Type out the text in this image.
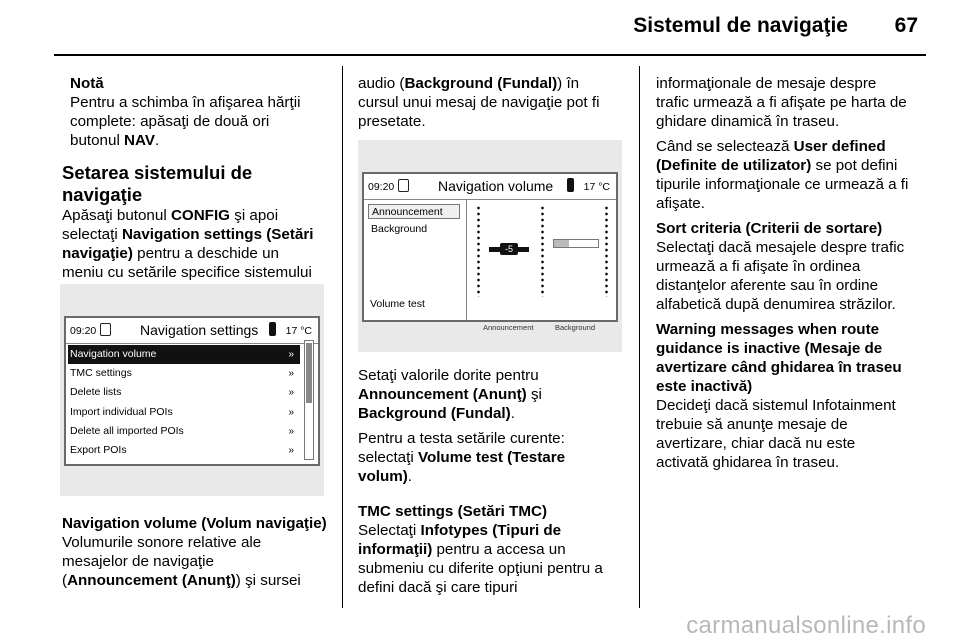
Sistemul de navigaţie 67
Notă
Pentru a schimba în afişarea hărţii
complete: apăsaţi de două ori
butonul NAV.
Setarea sistemului de navigaţie
Apăsaţi butonul CONFIG şi apoi
selectaţi Navigation settings (Setări
navigaţie) pentru a deschide un
meniu cu setările specifice sistemului
09:20	Navigation settings	17 °C
Navigation volume	»
TMC settings	»
Delete lists	»
Import individual POIs	»
Delete all imported POIs	»
Export POIs	»
Navigation volume (Volum navigaţie)
Volumurile sonore relative ale
mesajelor de navigaţie
(Announcement (Anunţ)) şi sursei
audio (Background (Fundal)) în
cursul unui mesaj de navigaţie pot fi
presetate.
09:20	Navigation volume	17 °C
Announcement
Background
Volume test
-5
Announcement	Background

Setaţi valorile dorite pentru
Announcement (Anunţ) şi
Background (Fundal).

Pentru a testa setările curente:
selectaţi Volume test (Testare
volum).

TMC settings (Setări TMC)
Selectaţi Infotypes (Tipuri de
informaţii) pentru a accesa un
submeniu cu diferite opţiuni pentru a
defini dacă şi care tipuri

informaţionale de mesaje despre
trafic urmează a fi afişate pe harta de
ghidare dinamică în traseu.

Când se selectează User defined
(Definite de utilizator) se pot defini
tipurile informaţionale ce urmează a fi
afişate.

Sort criteria (Criterii de sortare)
Selectaţi dacă mesajele despre trafic
urmează a fi afişate în ordinea
distanţelor aferente sau în ordine
alfabetică după denumirea străzilor.

Warning messages when route
guidance is inactive (Mesaje de
avertizare când ghidarea în traseu
este inactivă)
Decideţi dacă sistemul Infotainment
trebuie să anunţe mesaje de
avertizare, chiar dacă nu este
activată ghidarea în traseu.

carmanualsonline.info
